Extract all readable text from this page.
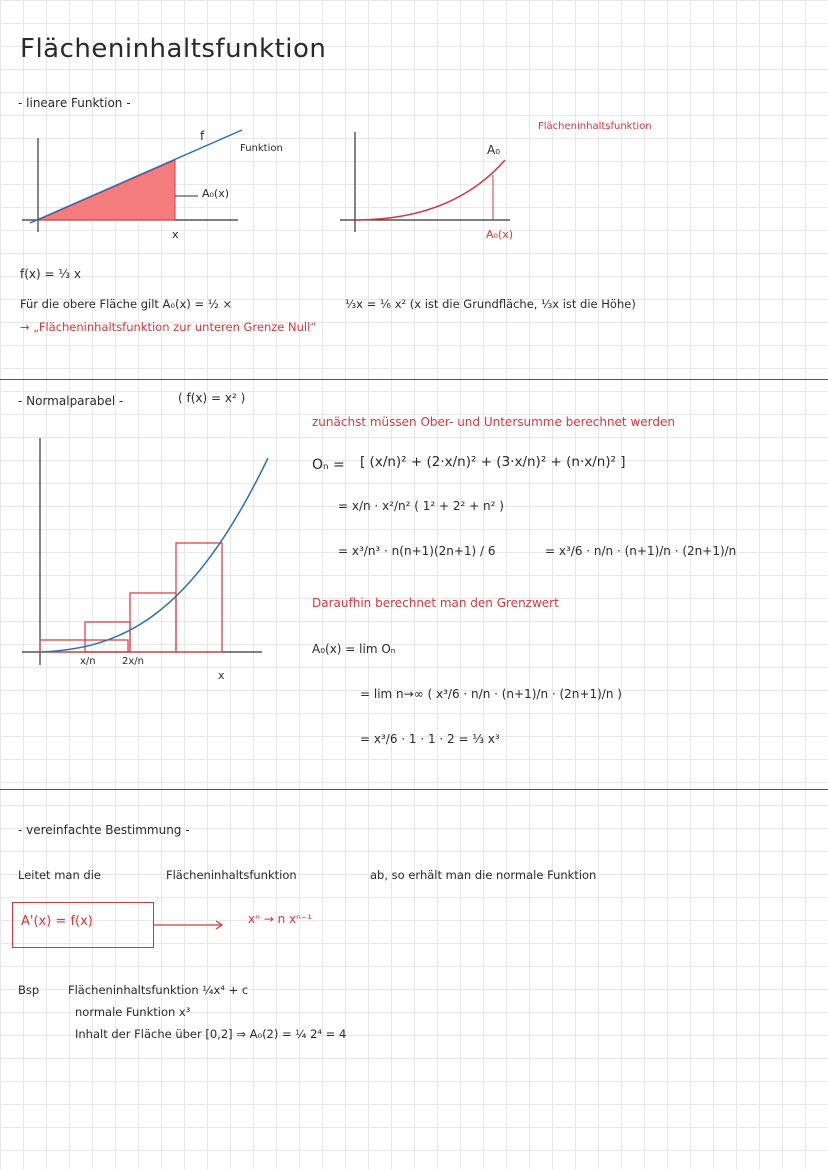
Flächeninhaltsfunktion
- lineare Funktion -
f
Funktion
A₀(x)
x
Flächeninhaltsfunktion
A₀
A₀(x)
f(x) = ⅓ x
Für die obere Fläche gilt A₀(x) = ½ ×	⅓x = ⅙ x² (x ist die Grundfläche, ⅓x ist die Höhe)
→ „Flächeninhaltsfunktion zur unteren Grenze Null“
- Normalparabel -	( f(x) = x² )
x/n	2x/n
x
zunächst müssen Ober- und Untersumme berechnet werden
Oₙ = [ (x/n)² + (2·x/n)² + (3·x/n)² + (n·x/n)² ]
= x/n · x²/n² ( 1² + 2² + n² )
= x³/n³ · n(n+1)(2n+1) / 6	= x³/6 · n/n · (n+1)/n · (2n+1)/n
Daraufhin berechnet man den Grenzwert
A₀(x) = lim Oₙ
= lim n→∞ ( x³/6 · n/n · (n+1)/n · (2n+1)/n )
= x³/6 · 1 · 1 · 2 = ⅓ x³
- vereinfachte Bestimmung -
Leitet man die	Flächeninhaltsfunktion	ab, so erhält man die normale Funktion
A'(x) = f(x)	xⁿ → n xⁿ⁻¹
Bsp	Flächeninhaltsfunktion ¼x⁴ + c
normale Funktion x³
Inhalt der Fläche über [0,2] ⇒ A₀(2) = ¼ 2⁴ = 4
